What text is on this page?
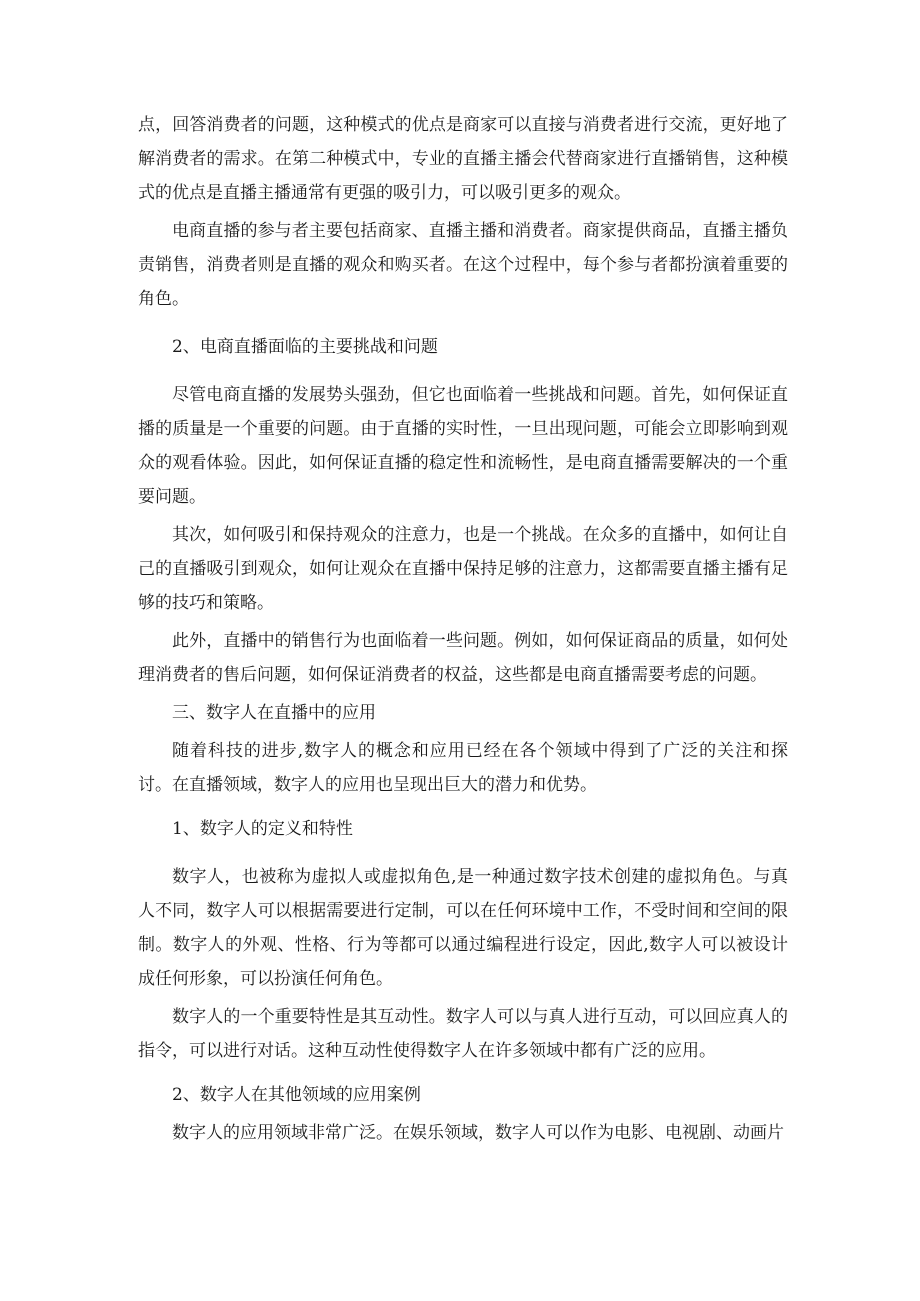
点，回答消费者的问题，这种模式的优点是商家可以直接与消费者进行交流，更好地了解消费者的需求。在第二种模式中，专业的直播主播会代替商家进行直播销售，这种模式的优点是直播主播通常有更强的吸引力，可以吸引更多的观众。

电商直播的参与者主要包括商家、直播主播和消费者。商家提供商品，直播主播负责销售，消费者则是直播的观众和购买者。在这个过程中，每个参与者都扮演着重要的角色。

2、电商直播面临的主要挑战和问题

尽管电商直播的发展势头强劲，但它也面临着一些挑战和问题。首先，如何保证直播的质量是一个重要的问题。由于直播的实时性，一旦出现问题，可能会立即影响到观众的观看体验。因此，如何保证直播的稳定性和流畅性，是电商直播需要解决的一个重要问题。

其次，如何吸引和保持观众的注意力，也是一个挑战。在众多的直播中，如何让自己的直播吸引到观众，如何让观众在直播中保持足够的注意力，这都需要直播主播有足够的技巧和策略。

此外，直播中的销售行为也面临着一些问题。例如，如何保证商品的质量，如何处理消费者的售后问题，如何保证消费者的权益，这些都是电商直播需要考虑的问题。

三、数字人在直播中的应用

随着科技的进步,数字人的概念和应用已经在各个领域中得到了广泛的关注和探讨。在直播领域，数字人的应用也呈现出巨大的潜力和优势。

1、数字人的定义和特性

数字人，也被称为虚拟人或虚拟角色,是一种通过数字技术创建的虚拟角色。与真人不同，数字人可以根据需要进行定制，可以在任何环境中工作，不受时间和空间的限制。数字人的外观、性格、行为等都可以通过编程进行设定，因此,数字人可以被设计成任何形象，可以扮演任何角色。

数字人的一个重要特性是其互动性。数字人可以与真人进行互动，可以回应真人的指令，可以进行对话。这种互动性使得数字人在许多领域中都有广泛的应用。

2、数字人在其他领域的应用案例

数字人的应用领域非常广泛。在娱乐领域，数字人可以作为电影、电视剧、动画片
